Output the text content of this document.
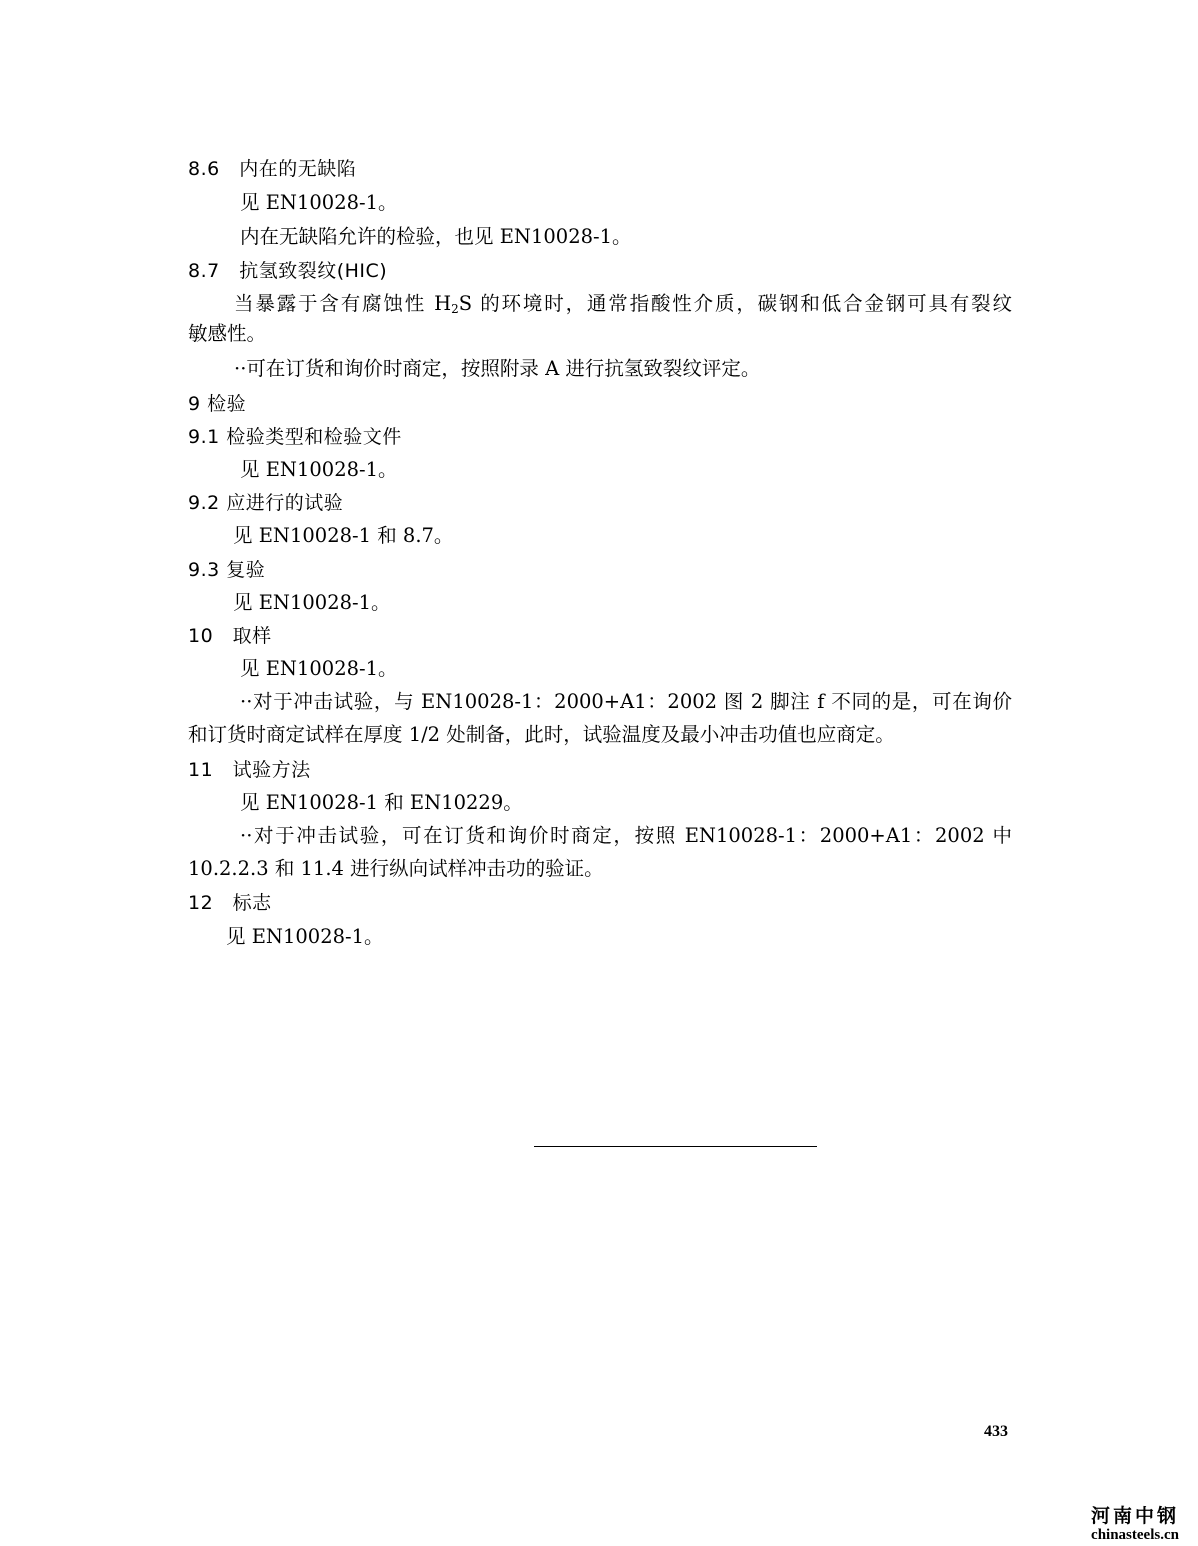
8.6　内在的无缺陷
见 EN10028-1。
内在无缺陷允许的检验，也见 EN10028-1。
8.7　抗氢致裂纹(HIC)
当暴露于含有腐蚀性 $H_2S$ 的环境时，通常指酸性介质，碳钢和低合金钢可具有裂纹
敏感性。
··可在订货和询价时商定，按照附录 A 进行抗氢致裂纹评定。
9 检验
9.1 检验类型和检验文件
见 EN10028-1。
9.2 应进行的试验
见 EN10028-1 和 8.7。
9.3 复验
见 EN10028-1。
10　取样
见 EN10028-1。
··对于冲击试验，与 EN10028-1：2000+A1：2002 图 2 脚注 f 不同的是，可在询价
和订货时商定试样在厚度 1/2 处制备，此时，试验温度及最小冲击功值也应商定。
11　试验方法
见 EN10028-1 和 EN10229。
··对于冲击试验，可在订货和询价时商定，按照 EN10028-1：2000+A1：2002 中
10.2.2.3 和 11.4 进行纵向试样冲击功的验证。
12　标志
见 EN10028-1。
433
河南中钢
chinasteels.cn
